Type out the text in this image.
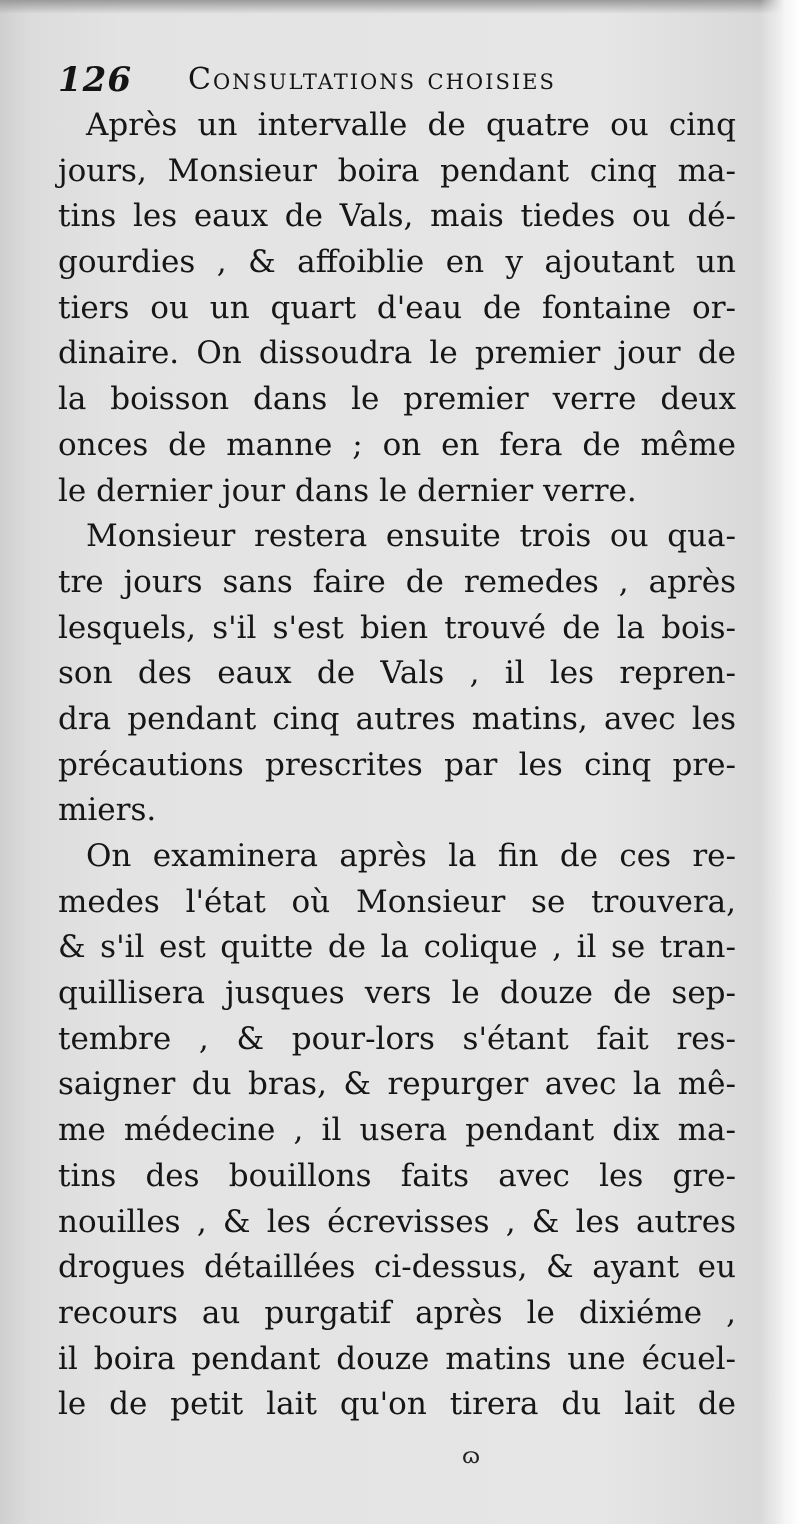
126 Consultations choisies
Après un intervalle de quatre ou cinq
jours, Monsieur boira pendant cinq ma-
tins les eaux de Vals, mais tiedes ou dé-
gourdies , & affoiblie en y ajoutant un
tiers ou un quart d'eau de fontaine or-
dinaire. On dissoudra le premier jour de
la boisson dans le premier verre deux
onces de manne ; on en fera de même
le dernier jour dans le dernier verre.
Monsieur restera ensuite trois ou qua-
tre jours sans faire de remedes , après
lesquels, s'il s'est bien trouvé de la bois-
son des eaux de Vals , il les repren-
dra pendant cinq autres matins, avec les
précautions prescrites par les cinq pre-
miers.
On examinera après la fin de ces re-
medes l'état où Monsieur se trouvera,
& s'il est quitte de la colique , il se tran-
quillisera jusques vers le douze de sep-
tembre , & pour-lors s'étant fait res-
saigner du bras, & repurger avec la mê-
me médecine , il usera pendant dix ma-
tins des bouillons faits avec les gre-
nouilles , & les écrevisses , & les autres
drogues détaillées ci-dessus, & ayant eu
recours au purgatif après le dixiéme ,
il boira pendant douze matins une écuel-
le de petit lait qu'on tirera du lait de
ɷ
